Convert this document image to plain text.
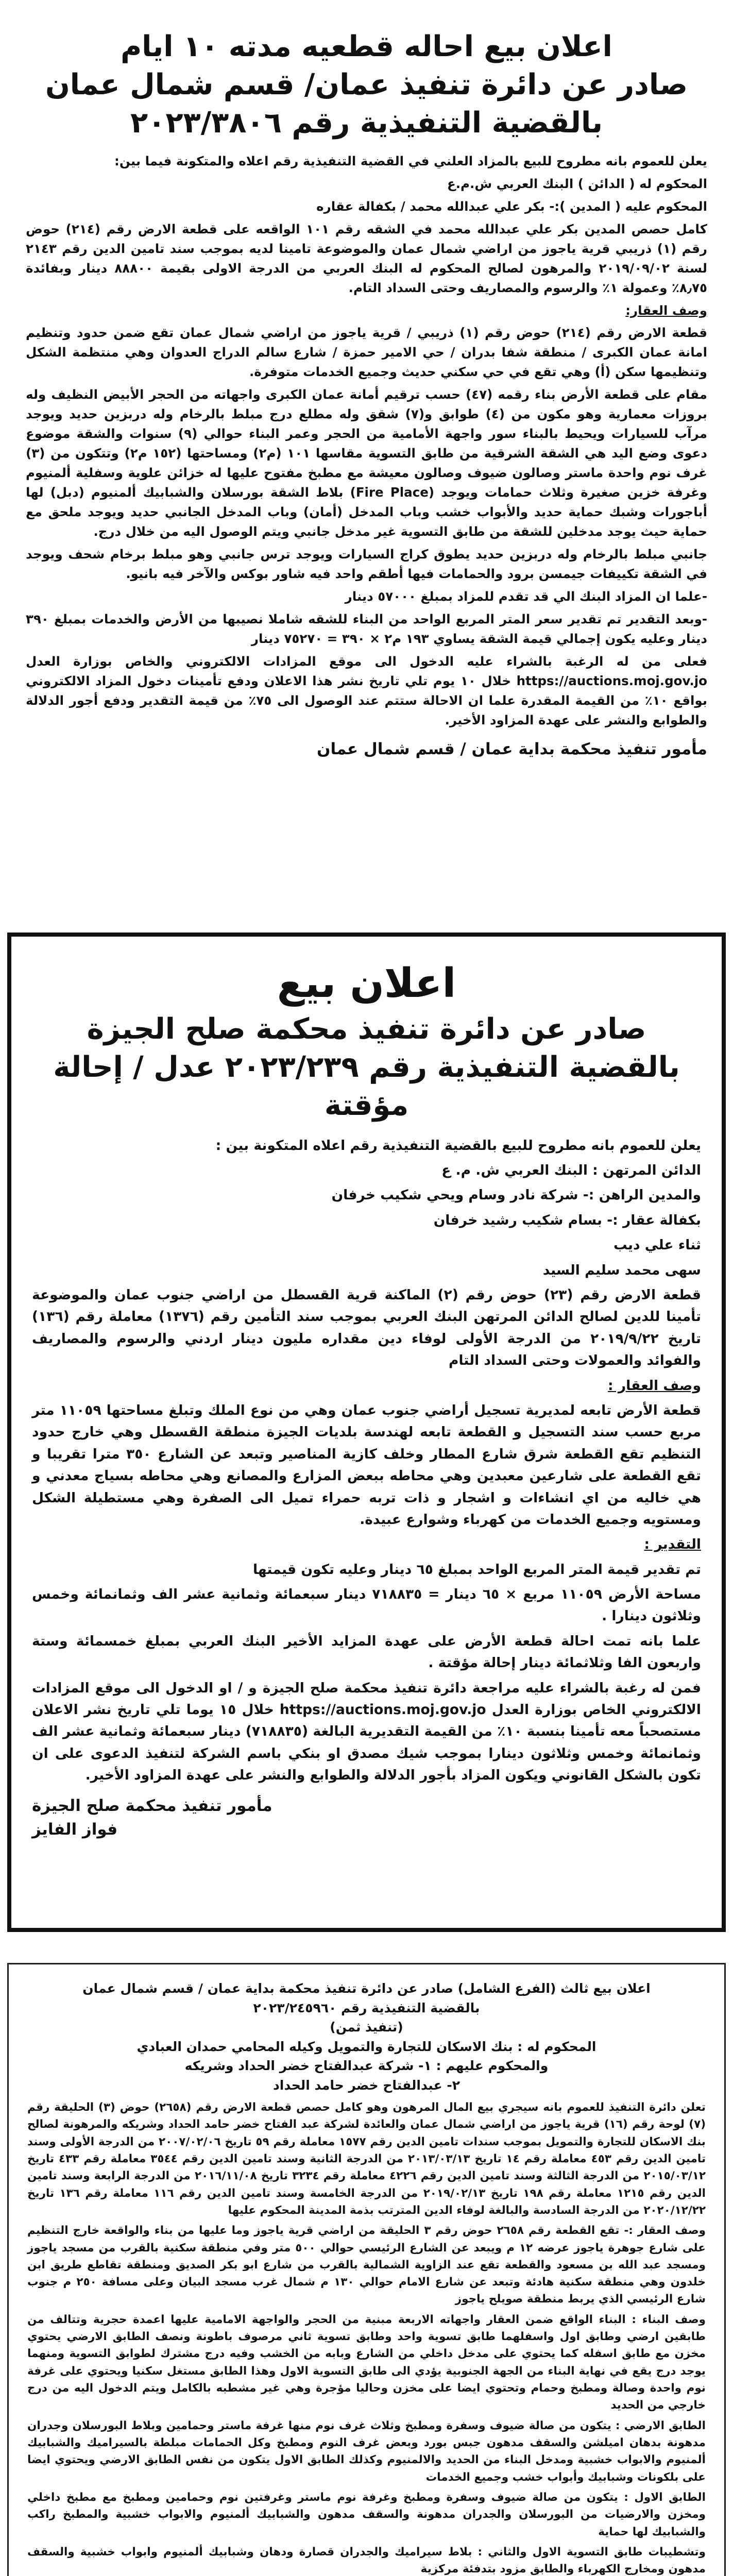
اعلان بيع احاله قطعيه مدته ١٠ ايام
صادر عن دائرة تنفيذ عمان/ قسم شمال عمان
بالقضية التنفيذية رقم ٢٠٢٣/٣٨٠٦

يعلن للعموم بانه مطروح للبيع بالمزاد العلني في القضية التنفيذية رقم اعلاه والمتكونة فيما بين:

المحكوم له ( الدائن ) البنك العربي ش.م.ع

المحكوم عليه ( المدين ):- بكر علي عبدالله محمد / بكفالة عقاره

كامل حصص المدين بكر علي عبدالله محمد في الشقه رقم ١٠١ الواقعه على قطعة الارض رقم (٢١٤) حوض رقم (١) ذريبي قرية ياجوز من اراضي شمال عمان والموضوعة تامينا لديه بموجب سند تامين الدين رقم ٢١٤٣ لسنة ٢٠١٩/٠٩/٠٢ والمرهون لصالح المحكوم له البنك العربي من الدرجة الاولى بقيمة ٨٨٨٠٠ دينار وبفائدة ٨٫٧٥٪ وعمولة ١٪ والرسوم والمصاريف وحتى السداد التام.

وصف العقار:

قطعة الارض رقم (٢١٤) حوض رقم (١) ذريبي / قرية ياجوز من اراضي شمال عمان تقع ضمن حدود وتنظيم امانة عمان الكبرى / منطقة شفا بدران / حي الامير حمزة / شارع سالم الدراج العدوان وهي منتظمة الشكل وتنظيمها سكن (أ) وهي تقع في حي سكني حديث وجميع الخدمات متوفرة.

مقام على قطعة الأرض بناء رقمه (٤٧) حسب ترقيم أمانة عمان الكبرى واجهاته من الحجر الأبيض النظيف وله بروزات معمارية وهو مكون من (٤) طوابق و(٧) شقق وله مطلع درج مبلط بالرخام وله دربزين حديد ويوجد مرآب للسيارات ويحيط بالبناء سور واجهة الأمامية من الحجر وعمر البناء حوالي (٩) سنوات والشقة موضوع دعوى وضع اليد هي الشقة الشرقية من طابق التسوية مقاسها ١٠١ (م٢) ومساحتها (١٥٢ م٢) وتتكون من (٣) غرف نوم واحدة ماستر وصالون ضيوف وصالون معيشة مع مطبخ مفتوح عليها له خزائن علوية وسفلية ألمنيوم وغرفة خزين صغيرة وثلاث حمامات ويوجد (Fire Place) بلاط الشقة بورسلان والشبابيك ألمنيوم (دبل) لها أباجورات وشبك حماية حديد والأبواب خشب وباب المدخل (أمان) وباب المدخل الجانبي حديد ويوجد ملحق مع حماية حيث يوجد مدخلين للشقة من طابق التسوية غير مدخل جانبي ويتم الوصول اليه من خلال درج.

جانبي مبلط بالرخام وله دربزين حديد يطوق كراج السيارات ويوجد ترس جانبي وهو مبلط برخام شحف ويوجد في الشقة تكييفات جيمسن برود والحمامات فيها أطقم واحد فيه شاور بوكس والآخر فيه بانيو.

-علما ان المزاد البنك الي قد تقدم للمزاد بمبلغ ٥٧٠٠٠ دينار

-وبعد التقدير تم تقدير سعر المتر المربع الواحد من البناء للشقه شاملا نصيبها من الأرض والخدمات بمبلغ ٣٩٠ دينار وعليه يكون إجمالي قيمة الشقة يساوي ١٩٣ م٢ × ٣٩٠ = ٧٥٢٧٠ دينار

فعلى من له الرغبة بالشراء عليه الدخول الى موقع المزادات الالكتروني والخاص بوزارة العدل https://auctions.moj.gov.jo خلال ١٠ يوم تلي تاريخ نشر هذا الاعلان ودفع تأمينات دخول المزاد الالكتروني بواقع ١٠٪ من القيمة المقدرة علما ان الاحالة ستتم عند الوصول الى ٧٥٪ من قيمة التقدير ودفع أجور الدلالة والطوابع والنشر على عهدة المزاود الأخير.

مأمور تنفيذ محكمة بداية عمان / قسم شمال عمان
اعلان بيع
صادر عن دائرة تنفيذ محكمة صلح الجيزة
بالقضية التنفيذية رقم ٢٠٢٣/٢٣٩ عدل / إحالة مؤقتة

يعلن للعموم بانه مطروح للبيع بالقضية التنفيذية رقم اعلاه المتكونة بين :

الدائن المرتهن : البنك العربي ش. م. ع

والمدين الراهن :- شركة نادر وسام ويحي شكيب خرفان

بكفالة عقار :- بسام شكيب رشيد خرفان

ثناء علي ديب

سهى محمد سليم السيد

قطعة الارض رقم (٢٣) حوض رقم (٢) الماكنة قرية القسطل من اراضي جنوب عمان والموضوعة تأمينا للدين لصالح الدائن المرتهن البنك العربي بموجب سند التأمين رقم (١٣٧٦) معاملة رقم (١٣٦) تاريخ ٢٠١٩/٩/٢٢ من الدرجة الأولى لوفاء دين مقداره مليون دينار اردني والرسوم والمصاريف والفوائد والعمولات وحتى السداد التام

وصف العقار :

قطعة الأرض تابعه لمديرية تسجيل أراضي جنوب عمان وهي من نوع الملك وتبلغ مساحتها ١١٠٥٩ متر مربع حسب سند التسجيل و القطعة تابعه لهندسة بلديات الجيزة منطقة القسطل وهي خارج حدود التنظيم تقع القطعة شرق شارع المطار وخلف كازية المناصير وتبعد عن الشارع ٣٥٠ مترا تقريبا و تقع القطعة على شارعين معبدين وهي محاطه ببعض المزارع والمصانع وهي محاطه بسياج معدني و هي خاليه من اي انشاءات و اشجار و ذات تربه حمراء تميل الى الصفرة وهي مستطيلة الشكل ومستويه وجميع الخدمات من كهرباء وشوارع عبيدة.

التقدير :

تم تقدير قيمة المتر المربع الواحد بمبلغ ٦٥ دينار وعليه تكون قيمتها

مساحة الأرض ١١٠٥٩ مربع × ٦٥ دينار = ٧١٨٨٣٥ دينار سبعمائة وثمانية عشر الف وثمانمائة وخمس وثلاثون دينارا .

علما بانه تمت احالة قطعة الأرض على عهدة المزايد الأخير البنك العربي بمبلغ خمسمائة وستة واربعون الفا وثلاثمائة دينار إحالة مؤقتة .

فمن له رغبة بالشراء عليه مراجعة دائرة تنفيذ محكمة صلح الجيزة و / او الدخول الى موقع المزادات الالكتروني الخاص بوزارة العدل https://auctions.moj.gov.jo خلال ١٥ يوما تلي تاريخ نشر الاعلان مستصحباً معه تأمينا بنسبة ١٠٪ من القيمة التقديرية البالغة (٧١٨٨٣٥) دينار سبعمائة وثمانية عشر الف وثمانمائة وخمس وثلاثون دينارا بموجب شيك مصدق او بنكي باسم الشركة لتنفيذ الدعوى على ان تكون بالشكل القانوني ويكون المزاد بأجور الدلالة والطوابع والنشر على عهدة المزاود الأخير.

مأمور تنفيذ محكمة صلح الجيزة
فواز الفايز
اعلان بيع ثالث (الفرع الشامل) صادر عن دائرة تنفيذ محكمة بداية عمان / قسم شمال عمان
بالقضية التنفيذية رقم ٢٠٢٣/٢٤٥٩٦٠
(تنفيذ ثمن)
المحكوم له : بنك الاسكان للتجارة والتمويل وكيله المحامي حمدان العبادي
والمحكوم عليهم : ١- شركة عبدالفتاح خضر الحداد وشريكه
٢- عبدالفتاح خضر حامد الحداد

تعلن دائرة التنفيذ للعموم بانه سيجري بيع المال المرهون وهو كامل حصص قطعة الارض رقم (٢٦٥٨) حوض (٣) الحليقة رقم (٧) لوحة رقم (١٦) قرية ياجوز من اراضي شمال عمان والعائدة لشركة عبد الفتاح خضر حامد الحداد وشريكه والمرهونة لصالح بنك الاسكان للتجارة والتمويل بموجب سندات تامين الدين رقم ١٥٧٧ معاملة رقم ٥٩ تاريخ ٢٠٠٧/٠٢/٠٦ من الدرجة الأولى وسند تامين الدين رقم ٤٥٣ معاملة رقم ١٤ تاريخ ٢٠١٣/٠٣/١٣ من الدرجة الثانية وسند تامين الدين رقم ٣٥٤٤ معاملة رقم ٤٣٣ تاريخ ٢٠١٥/٠٣/١٢ من الدرجة الثالثة وسند تامين الدين رقم ٤٢٢٦ معاملة رقم ٣٢٣٤ تاريخ ٢٠١٦/١١/٠٨ من الدرجة الرابعة وسند تامين الدين رقم ١٢١٥ معاملة رقم ١٩٨ تاريخ ٢٠١٩/٠٢/١٣ من الدرجة الخامسة وسند تامين الدين رقم ١١٦ معاملة رقم ١٣٦ تاريخ ٢٠٢٠/١٢/٢٢ من الدرجة السادسة والبالغة لوفاء الدين المترتب بذمة المدينة المحكوم عليها

وصف العقار :- تقع القطعة رقم ٢٦٥٨ حوض رقم ٣ الحليقة من اراضي قرية ياجوز وما عليها من بناء والواقعة خارج التنظيم على شارع جوهرة ياجوز عرضه ١٢ م ويبعد عن الشارع الرئيسي حوالي ٥٠٠ متر وفي منطقة سكنية بالقرب من مسجد ياجوز ومسجد عبد الله بن مسعود والقطعة تقع عند الزاوية الشمالية بالقرب من شارع ابو بكر الصديق ومنطقة تقاطع طريق ابن خلدون وهي منطقة سكنية هادئة وتبعد عن شارع الامام حوالي ١٣٠ م شمال غرب مسجد البيان وعلى مسافة ٢٥٠ م جنوب شارع الرئيسي الذي يربط منطقة صويلح ياجوز

وصف البناء : البناء الواقع ضمن العقار واجهاته الاربعة مبنية من الحجر والواجهة الامامية عليها اعمدة حجرية وتتالف من طابقين ارضي وطابق اول واسفلهما طابق تسوية واحد وطابق تسوية ثاني مرصوف باطونة ونصف الطابق الارضي يحتوي مخزن مع طابق اسفله كما يحتوي على مدخل داخلي من الشارع وبابه من الخشب وفيه درج مشترك لطوابق التسوية ومنهما يوجد درج يقع في نهاية البناء من الجهة الجنوبية يؤدي الى طابق التسوية الاول وهذا الطابق مستغل سكنيا ويحتوي على غرفة نوم واحدة وصالة ومطبخ وحمام وتحتوي ايضا على مخزن وحاليا مؤجرة وهي غير مشطبه بالكامل ويتم الدخول اليه من درج خارجي من الحديد

الطابق الارضي : يتكون من صالة ضيوف وسفرة ومطبخ وثلاث غرف نوم منها غرفة ماستر وحمامين وبلاط البورسلان وجدران مدهونة بدهان اميلشن والسقف مدهون جبس بورد وبعض غرف النوم ومطبخ وكل الحمامات مبلطة بالسيراميك والشبابيك ألمنيوم والابواب خشبية ومدخل البناء من الحديد والالمنيوم وكذلك الطابق الاول يتكون من نفس الطابق الارضي ويحتوي ايضا على بلكونات وشبابيك وأبواب خشب وجميع الخدمات

الطابق الاول : يتكون من صالة ضيوف وسفرة ومطبخ وغرفة نوم ماستر وغرفتين نوم وحمامين ومطبخ مع مطبخ داخلي ومخزن والارضيات من البورسلان والجدران مدهونة والسقف مدهون والشبابيك ألمنيوم والابواب خشبية والمطبخ راكب والشبابيك لها حماية

وتشطيبات طابق التسوية الاول والثاني : بلاط سيراميك والجدران قصارة ودهان وشبابيك ألمنيوم وابواب خشبية والسقف مدهون ومخارج الكهرباء والطابق مزود بتدفئة مركزية
